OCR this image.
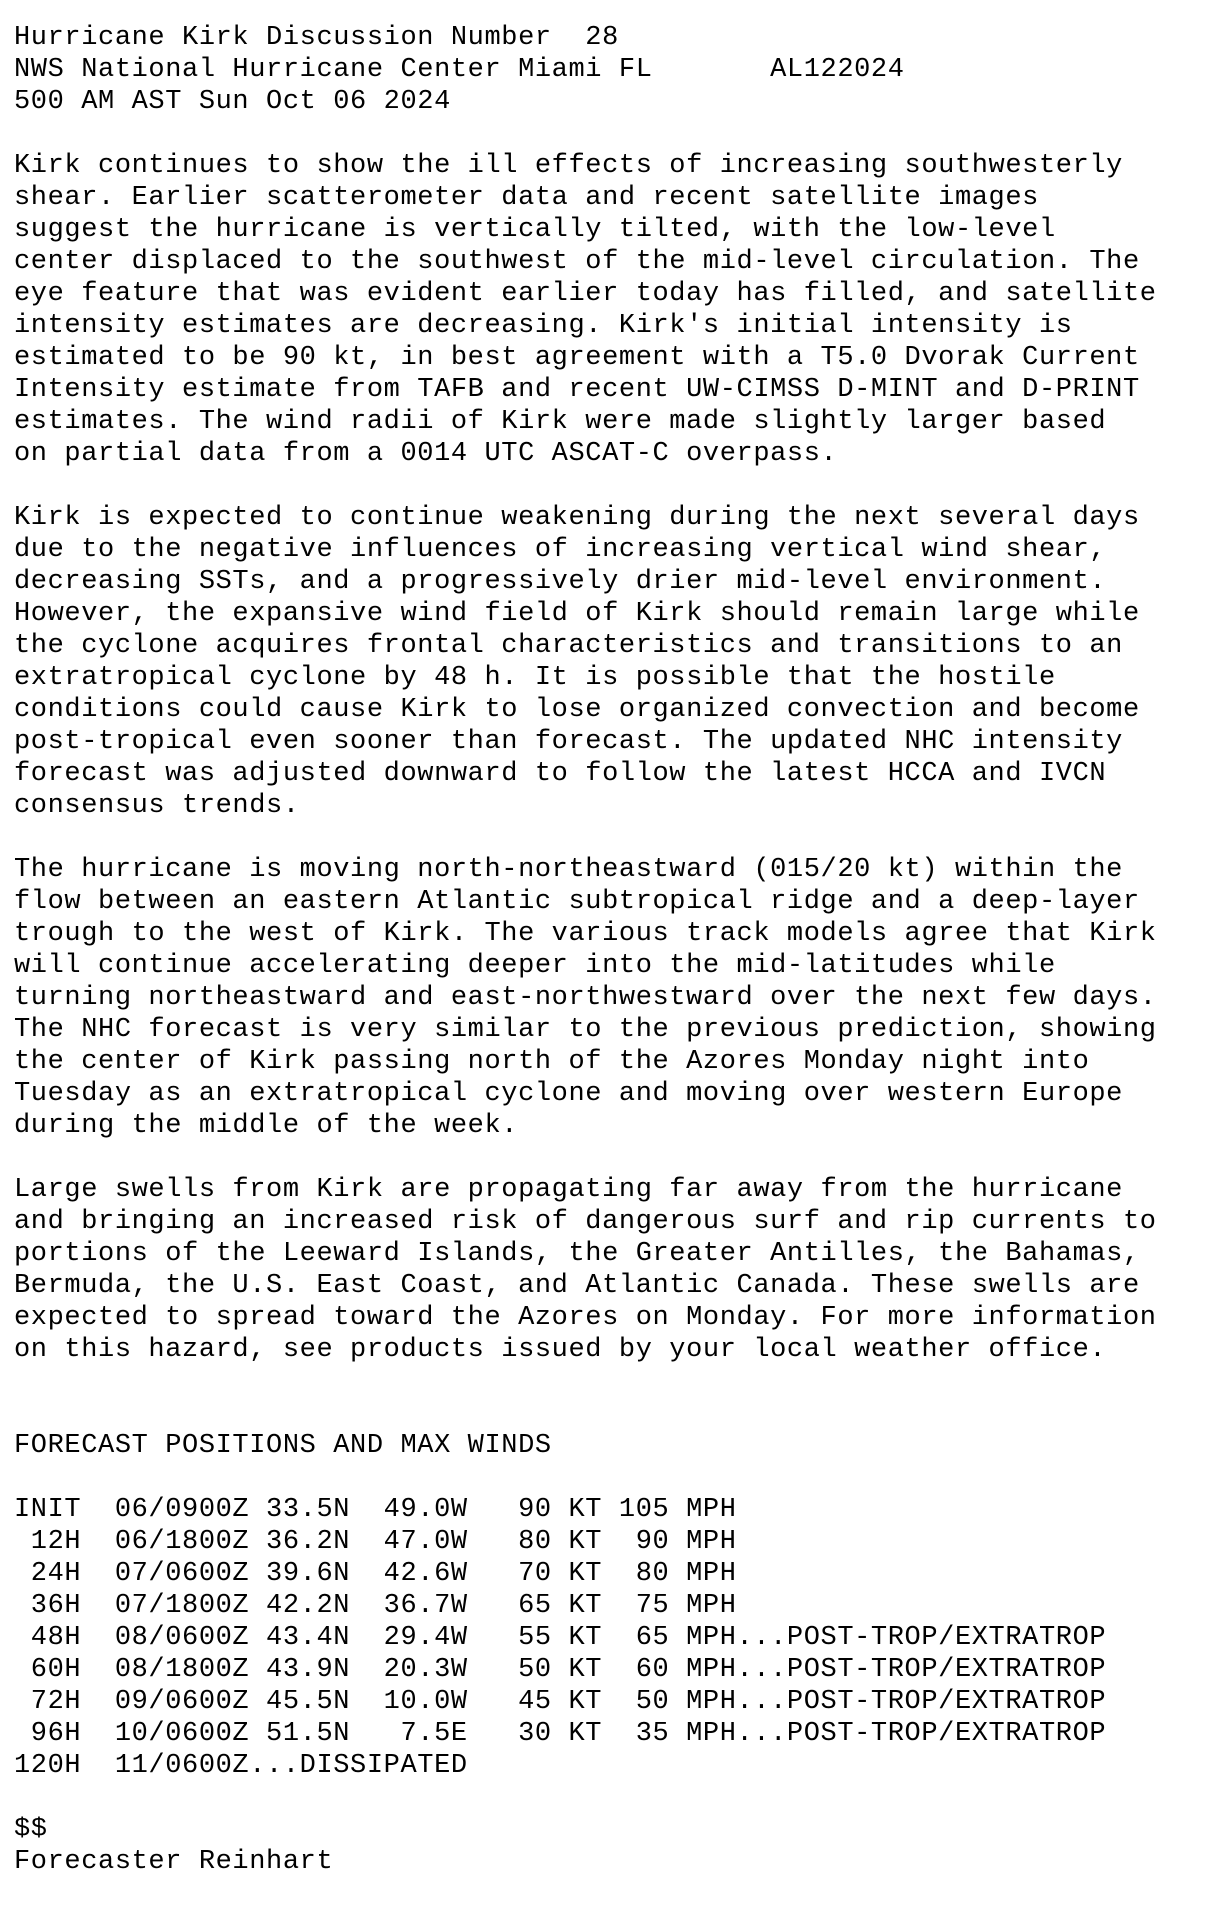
Hurricane Kirk Discussion Number  28
NWS National Hurricane Center Miami FL       AL122024
500 AM AST Sun Oct 06 2024
Kirk continues to show the ill effects of increasing southwesterly
shear. Earlier scatterometer data and recent satellite images
suggest the hurricane is vertically tilted, with the low-level
center displaced to the southwest of the mid-level circulation. The
eye feature that was evident earlier today has filled, and satellite
intensity estimates are decreasing. Kirk's initial intensity is
estimated to be 90 kt, in best agreement with a T5.0 Dvorak Current
Intensity estimate from TAFB and recent UW-CIMSS D-MINT and D-PRINT
estimates. The wind radii of Kirk were made slightly larger based
on partial data from a 0014 UTC ASCAT-C overpass.
Kirk is expected to continue weakening during the next several days
due to the negative influences of increasing vertical wind shear,
decreasing SSTs, and a progressively drier mid-level environment.
However, the expansive wind field of Kirk should remain large while
the cyclone acquires frontal characteristics and transitions to an
extratropical cyclone by 48 h. It is possible that the hostile
conditions could cause Kirk to lose organized convection and become
post-tropical even sooner than forecast. The updated NHC intensity
forecast was adjusted downward to follow the latest HCCA and IVCN
consensus trends.
The hurricane is moving north-northeastward (015/20 kt) within the
flow between an eastern Atlantic subtropical ridge and a deep-layer
trough to the west of Kirk. The various track models agree that Kirk
will continue accelerating deeper into the mid-latitudes while
turning northeastward and east-northwestward over the next few days.
The NHC forecast is very similar to the previous prediction, showing
the center of Kirk passing north of the Azores Monday night into
Tuesday as an extratropical cyclone and moving over western Europe
during the middle of the week.
Large swells from Kirk are propagating far away from the hurricane
and bringing an increased risk of dangerous surf and rip currents to
portions of the Leeward Islands, the Greater Antilles, the Bahamas,
Bermuda, the U.S. East Coast, and Atlantic Canada. These swells are
expected to spread toward the Azores on Monday. For more information
on this hazard, see products issued by your local weather office.
FORECAST POSITIONS AND MAX WINDS
INIT  06/0900Z 33.5N  49.0W   90 KT 105 MPH
12H  06/1800Z 36.2N  47.0W   80 KT  90 MPH
24H  07/0600Z 39.6N  42.6W   70 KT  80 MPH
36H  07/1800Z 42.2N  36.7W   65 KT  75 MPH
48H  08/0600Z 43.4N  29.4W   55 KT  65 MPH...POST-TROP/EXTRATROP
60H  08/1800Z 43.9N  20.3W   50 KT  60 MPH...POST-TROP/EXTRATROP
72H  09/0600Z 45.5N  10.0W   45 KT  50 MPH...POST-TROP/EXTRATROP
96H  10/0600Z 51.5N   7.5E   30 KT  35 MPH...POST-TROP/EXTRATROP
120H  11/0600Z...DISSIPATED
$$
Forecaster Reinhart
